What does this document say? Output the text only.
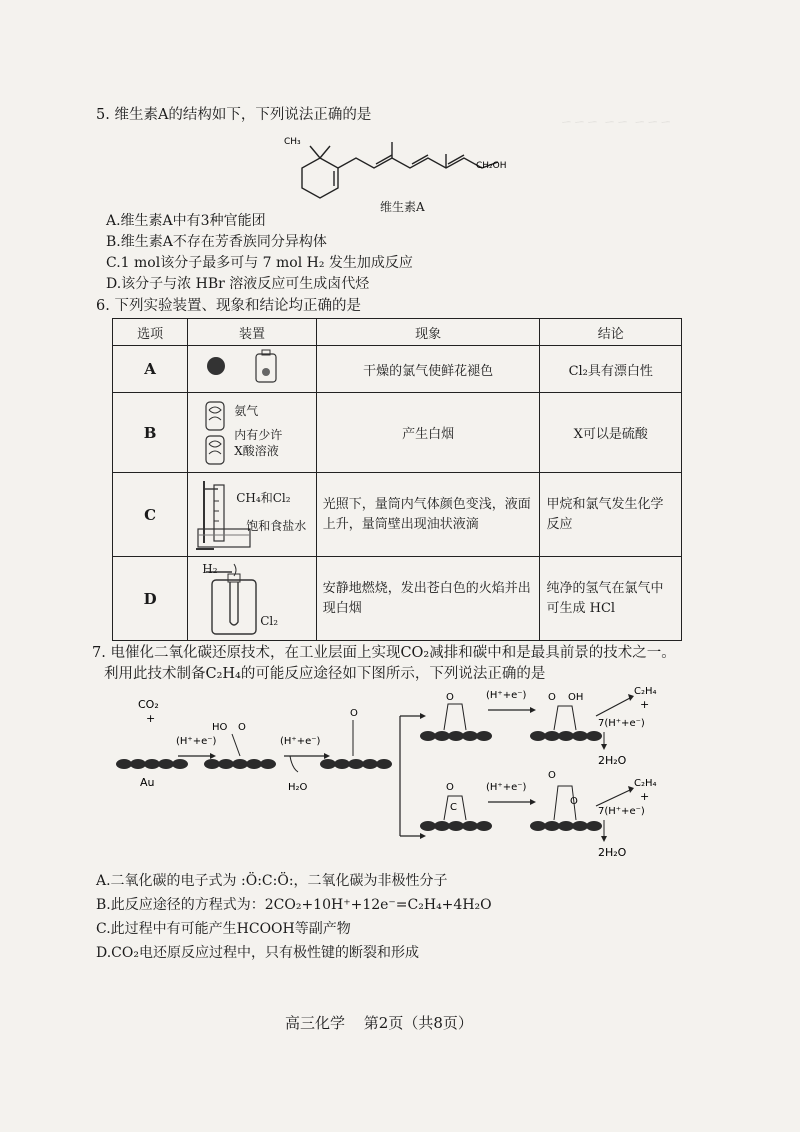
ㄧㄧㄧ ㄧㄧ ㄧㄧㄧ
5. 维生素A的结构如下，下列说法正确的是
CH₃
CH₂OH
维生素A
A.维生素A中有3种官能团
B.维生素A不存在芳香族同分异构体
C.1 mol该分子最多可与 7 mol H₂ 发生加成反应
D.该分子与浓 HBr 溶液反应可生成卤代烃
6. 下列实验装置、现象和结论均正确的是
选项	装置	现象	结论
A		干燥的氯气使鲜花褪色	Cl₂具有漂白性
B	氨气
内有少许
X酸溶液	产生白烟	X可以是硫酸
C	CH₄和Cl₂
饱和食盐水	光照下，量筒内气体颜色变浅，液面上升，量筒壁出现油状液滴	甲烷和氯气发生化学反应
D	H₂
Cl₂	安静地燃烧，发出苍白色的火焰并出现白烟	纯净的氢气在氯气中可生成 HCl
7. 电催化二氧化碳还原技术，在工业层面上实现CO₂减排和碳中和是最具前景的技术之一。
利用此技术制备C₂H₄的可能反应途径如下图所示，下列说法正确的是
CO₂
+
Au
(H⁺+e⁻)
HO O
(H⁺+e⁻)
H₂O
O
O	(H⁺+e⁻) O OH
7(H⁺+e⁻)
C₂H₄
+
2H₂O
C
O	(H⁺+e⁻)
O
O
7(H⁺+e⁻)
C₂H₄
+
2H₂O
A.二氧化碳的电子式为 :Ö:C:Ö:，二氧化碳为非极性分子
B.此反应途径的方程式为：2CO₂+10H⁺+12e⁻=C₂H₄+4H₂O
C.此过程中有可能产生HCOOH等副产物
D.CO₂电还原反应过程中，只有极性键的断裂和形成
高三化学 第2页（共8页）
